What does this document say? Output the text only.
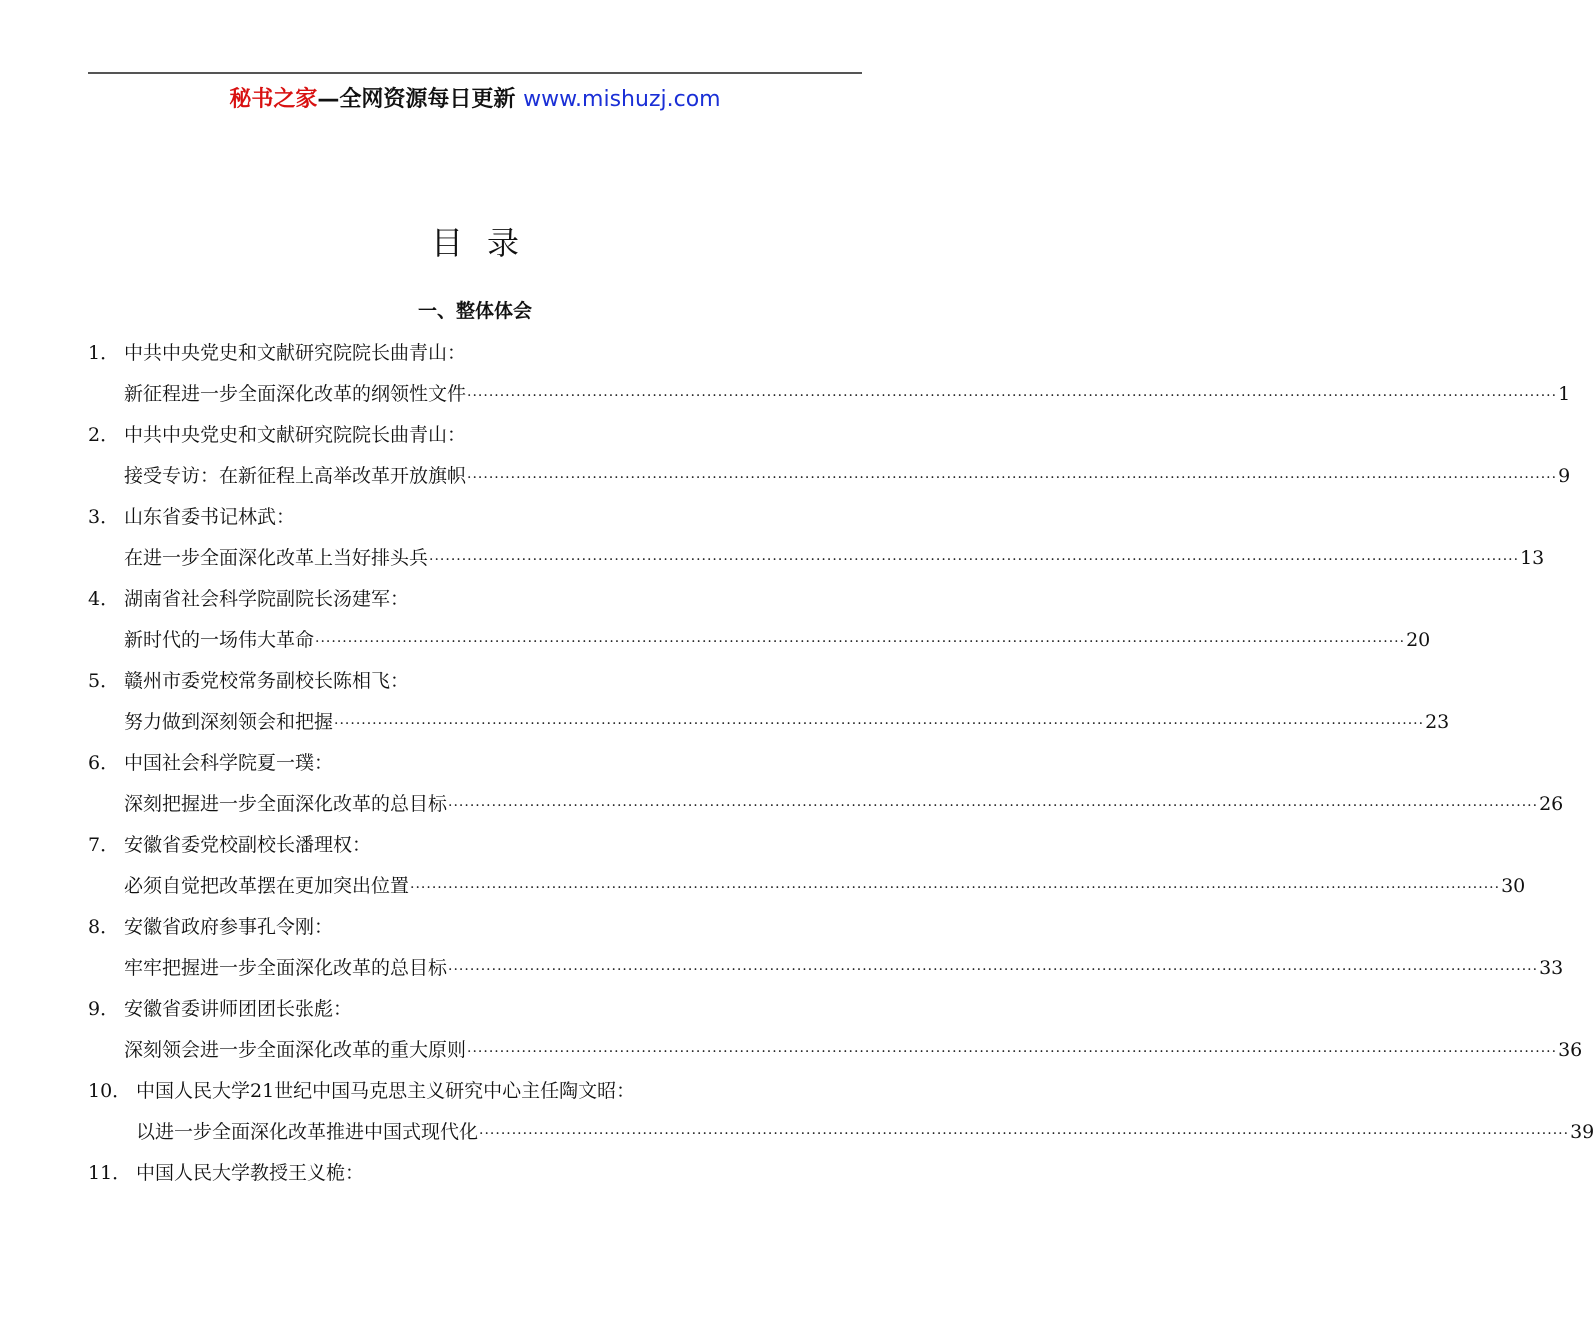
秘书之家—全网资源每日更新 www.mishuzj.com
目录
一、整体体会
1． 中共中央党史和文献研究院院长曲青山：
新征程进一步全面深化改革的纲领性文件 ········································································································································································································ 1
2． 中共中央党史和文献研究院院长曲青山：
接受专访：在新征程上高举改革开放旗帜 ········································································································································································································ 9
3． 山东省委书记林武：
在进一步全面深化改革上当好排头兵 ········································································································································································································ 13
4． 湖南省社会科学院副院长汤建军：
新时代的一场伟大革命 ········································································································································································································ 20
5． 赣州市委党校常务副校长陈相飞：
努力做到深刻领会和把握 ········································································································································································································ 23
6． 中国社会科学院夏一璞：
深刻把握进一步全面深化改革的总目标 ········································································································································································································ 26
7． 安徽省委党校副校长潘理权：
必须自觉把改革摆在更加突出位置 ········································································································································································································ 30
8． 安徽省政府参事孔令刚：
牢牢把握进一步全面深化改革的总目标 ········································································································································································································ 33
9． 安徽省委讲师团团长张彪：
深刻领会进一步全面深化改革的重大原则 ········································································································································································································ 36
10． 中国人民大学21世纪中国马克思主义研究中心主任陶文昭：
以进一步全面深化改革推进中国式现代化 ········································································································································································································ 39
11． 中国人民大学教授王义桅：
